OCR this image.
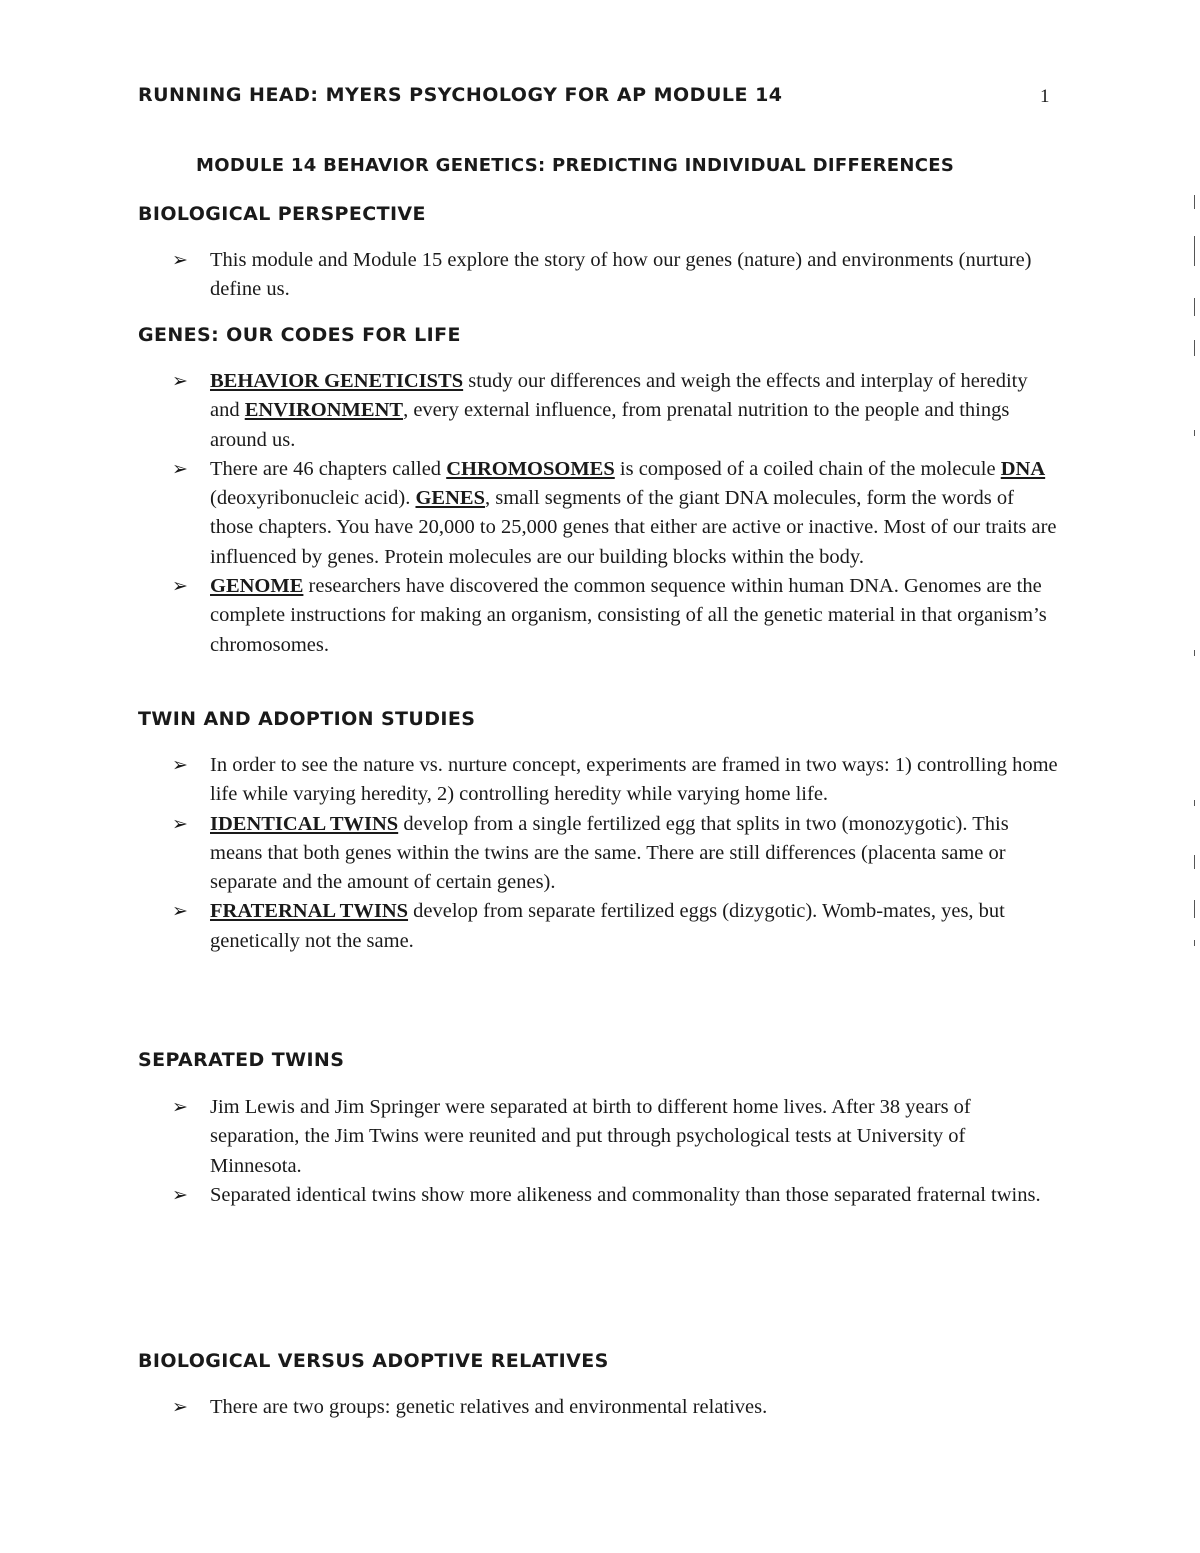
RUNNING HEAD: MYERS PSYCHOLOGY FOR AP MODULE 14	1
MODULE 14 BEHAVIOR GENETICS: PREDICTING INDIVIDUAL DIFFERENCES
BIOLOGICAL PERSPECTIVE
➢ This module and Module 15 explore the story of how our genes (nature) and environments (nurture) define us.
GENES: OUR CODES FOR LIFE
➢ BEHAVIOR GENETICISTS study our differences and weigh the effects and interplay of heredity and ENVIRONMENT, every external influence, from prenatal nutrition to the people and things around us.
➢ There are 46 chapters called CHROMOSOMES is composed of a coiled chain of the molecule DNA (deoxyribonucleic acid). GENES, small segments of the giant DNA molecules, form the words of those chapters. You have 20,000 to 25,000 genes that either are active or inactive. Most of our traits are influenced by genes. Protein molecules are our building blocks within the body.
➢ GENOME researchers have discovered the common sequence within human DNA. Genomes are the complete instructions for making an organism, consisting of all the genetic material in that organism’s chromosomes.
TWIN AND ADOPTION STUDIES
➢ In order to see the nature vs. nurture concept, experiments are framed in two ways: 1) controlling home life while varying heredity, 2) controlling heredity while varying home life.
➢ IDENTICAL TWINS develop from a single fertilized egg that splits in two (monozygotic). This means that both genes within the twins are the same. There are still differences (placenta same or separate and the amount of certain genes).
➢ FRATERNAL TWINS develop from separate fertilized eggs (dizygotic). Womb-mates, yes, but genetically not the same.
SEPARATED TWINS
➢ Jim Lewis and Jim Springer were separated at birth to different home lives. After 38 years of separation, the Jim Twins were reunited and put through psychological tests at University of Minnesota.
➢ Separated identical twins show more alikeness and commonality than those separated fraternal twins.
BIOLOGICAL VERSUS ADOPTIVE RELATIVES
➢ There are two groups: genetic relatives and environmental relatives.
